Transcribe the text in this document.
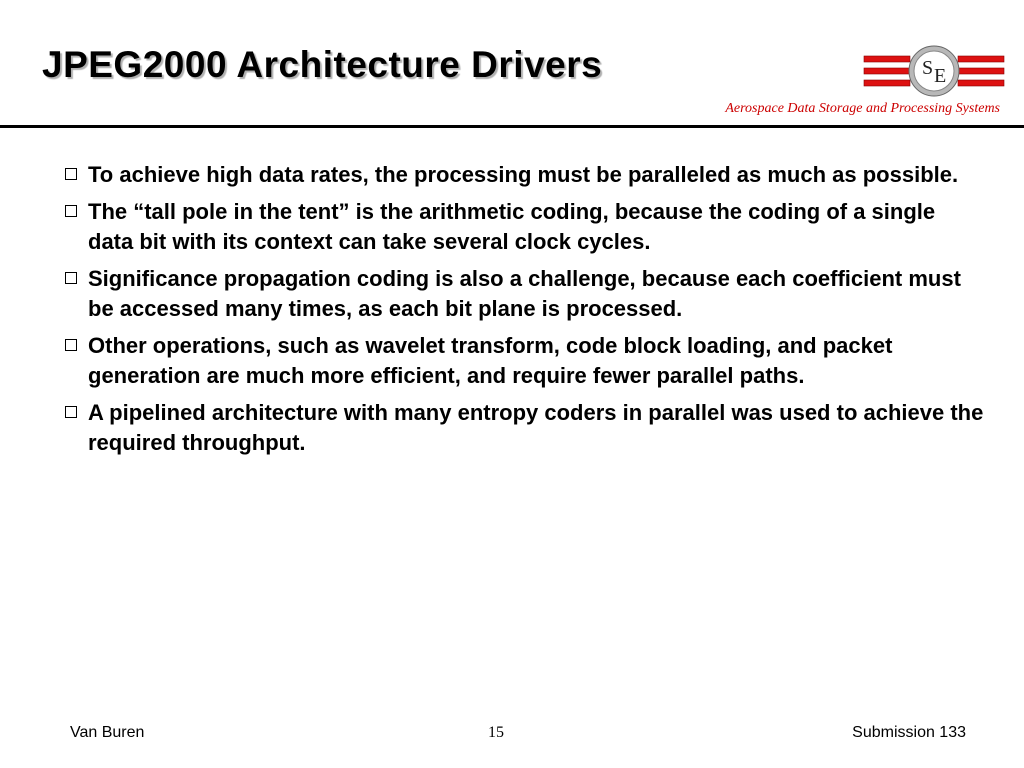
JPEG2000 Architecture Drivers	S E
Aerospace Data Storage and Processing Systems
To achieve high data rates, the processing must be paralleled as much as possible.
The “tall pole in the tent” is the arithmetic coding, because the coding of a single data bit with its context can take several clock cycles.
Significance propagation coding is also a challenge, because each coefficient must be accessed many times, as each bit plane is processed.
Other operations, such as wavelet transform, code block loading, and packet generation are much more efficient, and require fewer parallel paths.
A pipelined architecture with many entropy coders in parallel was used to achieve the required throughput.
Van Buren	15	Submission 133
